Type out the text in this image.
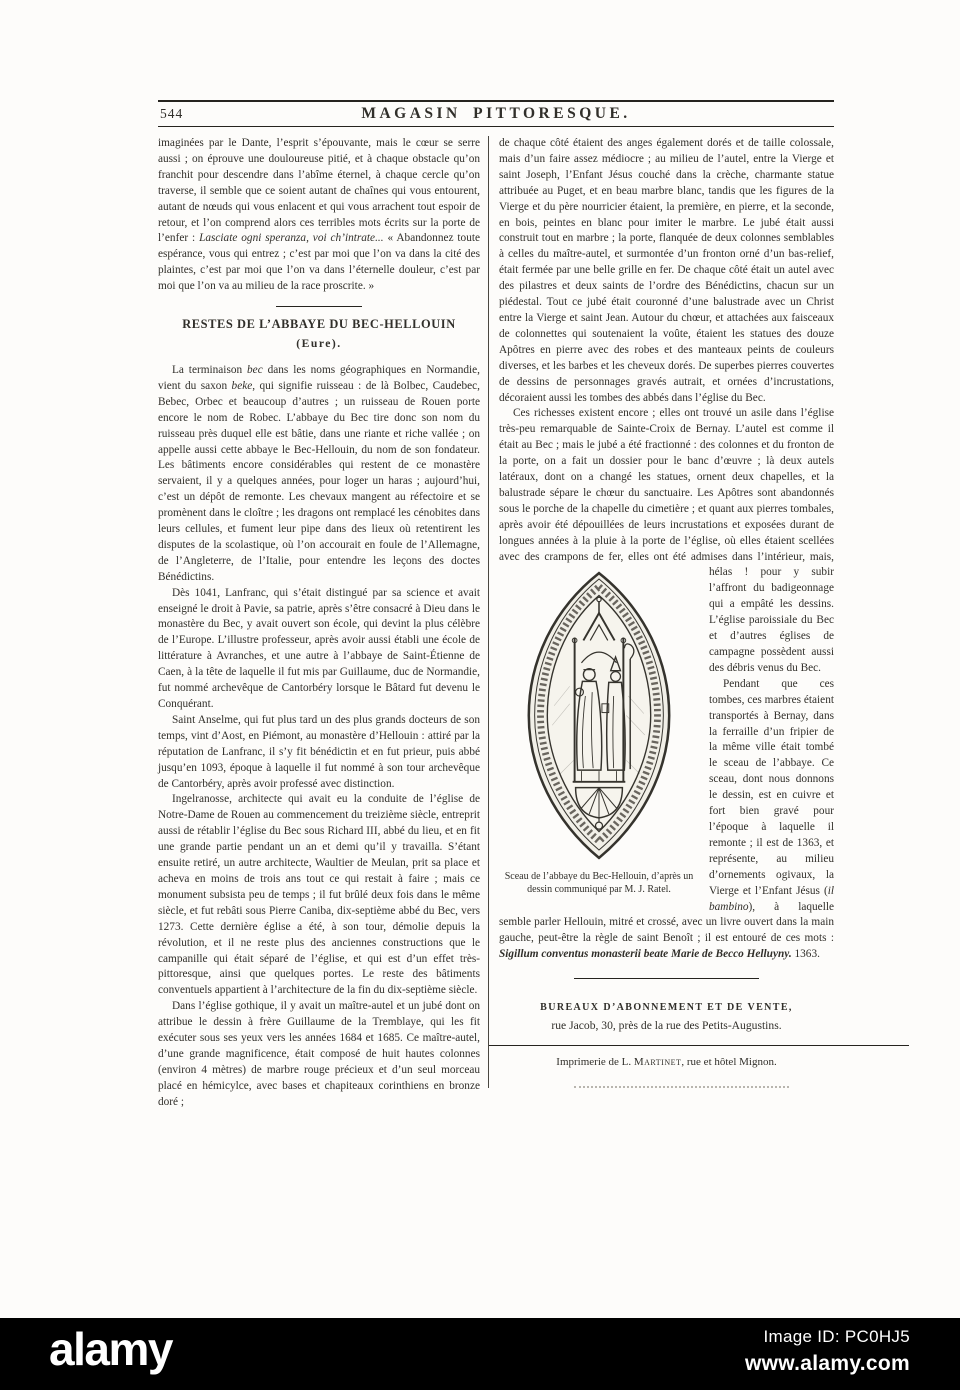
544	MAGASIN PITTORESQUE.

imaginées par le Dante, l’esprit s’épouvante, mais le cœur se serre aussi ; on éprouve une douloureuse pitié, et à chaque obstacle qu’on franchit pour descendre dans l’abîme éternel, à chaque cercle qu’on traverse, il semble que ce soient autant de chaînes qui vous entourent, autant de nœuds qui vous enlacent et qui vous arrachent tout espoir de retour, et l’on comprend alors ces terribles mots écrits sur la porte de l’enfer : Lasciate ogni speranza, voi ch’intrate... « Abandonnez toute espérance, vous qui entrez ; c’est par moi que l’on va dans la cité des plaintes, c’est par moi que l’on va dans l’éternelle douleur, c’est par moi que l’on va au milieu de la race proscrite. »

RESTES DE L’ABBAYE DU BEC-HELLOUIN

(Eure).

La terminaison bec dans les noms géographiques en Normandie, vient du saxon beke, qui signifie ruisseau : de là Bolbec, Caudebec, Bebec, Orbec et beaucoup d’autres ; un ruisseau de Rouen porte encore le nom de Robec. L’abbaye du Bec tire donc son nom du ruisseau près duquel elle est bâtie, dans une riante et riche vallée ; on appelle aussi cette abbaye le Bec-Hellouin, du nom de son fondateur. Les bâtiments encore considérables qui restent de ce monastère servaient, il y a quelques années, pour loger un haras ; aujourd’hui, c’est un dépôt de remonte. Les chevaux mangent au réfectoire et se promènent dans le cloître ; les dragons ont remplacé les cénobites dans leurs cellules, et fument leur pipe dans des lieux où retentirent les disputes de la scolastique, où l’on accourait en foule de l’Allemagne, de l’Angleterre, de l’Italie, pour entendre les leçons des doctes Bénédictins.

Dès 1041, Lanfranc, qui s’était distingué par sa science et avait enseigné le droit à Pavie, sa patrie, après s’être consacré à Dieu dans le monastère du Bec, y avait ouvert son école, qui devint la plus célèbre de l’Europe. L’illustre professeur, après avoir aussi établi une école de littérature à Avranches, et une autre à l’abbaye de Saint-Étienne de Caen, à la tête de laquelle il fut mis par Guillaume, duc de Normandie, fut nommé archevêque de Cantorbéry lorsque le Bâtard fut devenu le Conquérant.

Saint Anselme, qui fut plus tard un des plus grands docteurs de son temps, vint d’Aost, en Piémont, au monastère d’Hellouin : attiré par la réputation de Lanfranc, il s’y fit bénédictin et en fut prieur, puis abbé jusqu’en 1093, époque à laquelle il fut nommé à son tour archevêque de Cantorbéry, après avoir professé avec distinction.

Ingelranosse, architecte qui avait eu la conduite de l’église de Notre-Dame de Rouen au commencement du treizième siècle, entreprit aussi de rétablir l’église du Bec sous Richard III, abbé du lieu, et en fit une grande partie pendant un an et demi qu’il y travailla. S’étant ensuite retiré, un autre architecte, Waultier de Meulan, prit sa place et acheva en moins de trois ans tout ce qui restait à faire ; mais ce monument subsista peu de temps ; il fut brûlé deux fois dans le même siècle, et fut rebâti sous Pierre Caniba, dix-septième abbé du Bec, vers 1273. Cette dernière église a été, à son tour, démolie depuis la révolution, et il ne reste plus des anciennes constructions que le campanille qui était séparé de l’église, et qui est d’un effet très-pittoresque, ainsi que quelques portes. Le reste des bâtiments conventuels appartient à l’architecture de la fin du dix-septième siècle.

Dans l’église gothique, il y avait un maître-autel et un jubé dont on attribue le dessin à frère Guillaume de la Tremblaye, qui les fit exécuter sous ses yeux vers les années 1684 et 1685. Ce maître-autel, d’une grande magnificence, était composé de huit hautes colonnes (environ 4 mètres) de marbre rouge précieux et d’un seul morceau placé en hémicylce, avec bases et chapiteaux corinthiens en bronze doré ;

de chaque côté étaient des anges également dorés et de taille colossale, mais d’un faire assez médiocre ; au milieu de l’autel, entre la Vierge et saint Joseph, l’Enfant Jésus couché dans la crèche, charmante statue attribuée au Puget, et en beau marbre blanc, tandis que les figures de la Vierge et du père nourricier étaient, la première, en pierre, et la seconde, en bois, peintes en blanc pour imiter le marbre. Le jubé était aussi construit tout en marbre ; la porte, flanquée de deux colonnes semblables à celles du maître-autel, et surmontée d’un fronton orné d’un bas-relief, était fermée par une belle grille en fer. De chaque côté était un autel avec des pilastres et deux saints de l’ordre des Bénédictins, chacun sur un piédestal. Tout ce jubé était couronné d’une balustrade avec un Christ entre la Vierge et saint Jean. Autour du chœur, et attachées aux faisceaux de colonnettes qui soutenaient la voûte, étaient les statues des douze Apôtres en pierre avec des robes et des manteaux peints de couleurs diverses, et les barbes et les cheveux dorés. De superbes pierres couvertes de dessins de personnages gravés autrait, et ornées d’incrustations, décoraient aussi les tombes des abbés dans l’église du Bec.

Ces richesses existent encore ; elles ont trouvé un asile dans l’église très-peu remarquable de Sainte-Croix de Bernay. L’autel est comme il était au Bec ; mais le jubé a été fractionné : des colonnes et du fronton de la porte, on a fait un dossier pour le banc d’œuvre ; là deux autels latéraux, dont on a changé les statues, ornent deux chapelles, et la balustrade sépare le chœur du sanctuaire. Les Apôtres sont abandonnés sous le porche de la chapelle du cimetière ; et quant aux pierres tombales, après avoir été dépouillées de leurs incrustations et exposées durant de longues années à la pluie à la porte de l’église, où elles étaient scellées avec des crampons de fer, elles ont été admises dans l’intérieur,
Sceau de l’abbaye du Bec-Hellouin, d’après un dessin communiqué par M. J. Ratel.
mais, hélas ! pour y subir l’affront du badigeonnage qui a empâté les dessins. L’église paroissiale du Bec et d’autres églises de campagne possèdent aussi des débris venus du Bec.

Pendant que ces tombes, ces marbres étaient transportés à Bernay, dans la ferraille d’un fripier de la même ville était tombé le sceau de l’abbaye. Ce sceau, dont nous donnons le dessin, est en cuivre et fort bien gravé pour l’époque à laquelle il remonte ; il est de 1363, et représente, au milieu d’ornements ogivaux, la Vierge et l’Enfant Jésus (il bambino), à laquelle semble parler Hellouin, mitré et crossé, avec un livre ouvert dans la main gauche, peut-être la règle de saint Benoît ; il est entouré de ces mots : Sigillum conventus monasterii beate Marie de Becco Helluyny. 1363.

BUREAUX D’ABONNEMENT ET DE VENTE,

rue Jacob, 30, près de la rue des Petits-Augustins.

Imprimerie de L. Martinet, rue et hôtel Mignon.

alamy	Image ID: PC0HJ5
www.alamy.com
